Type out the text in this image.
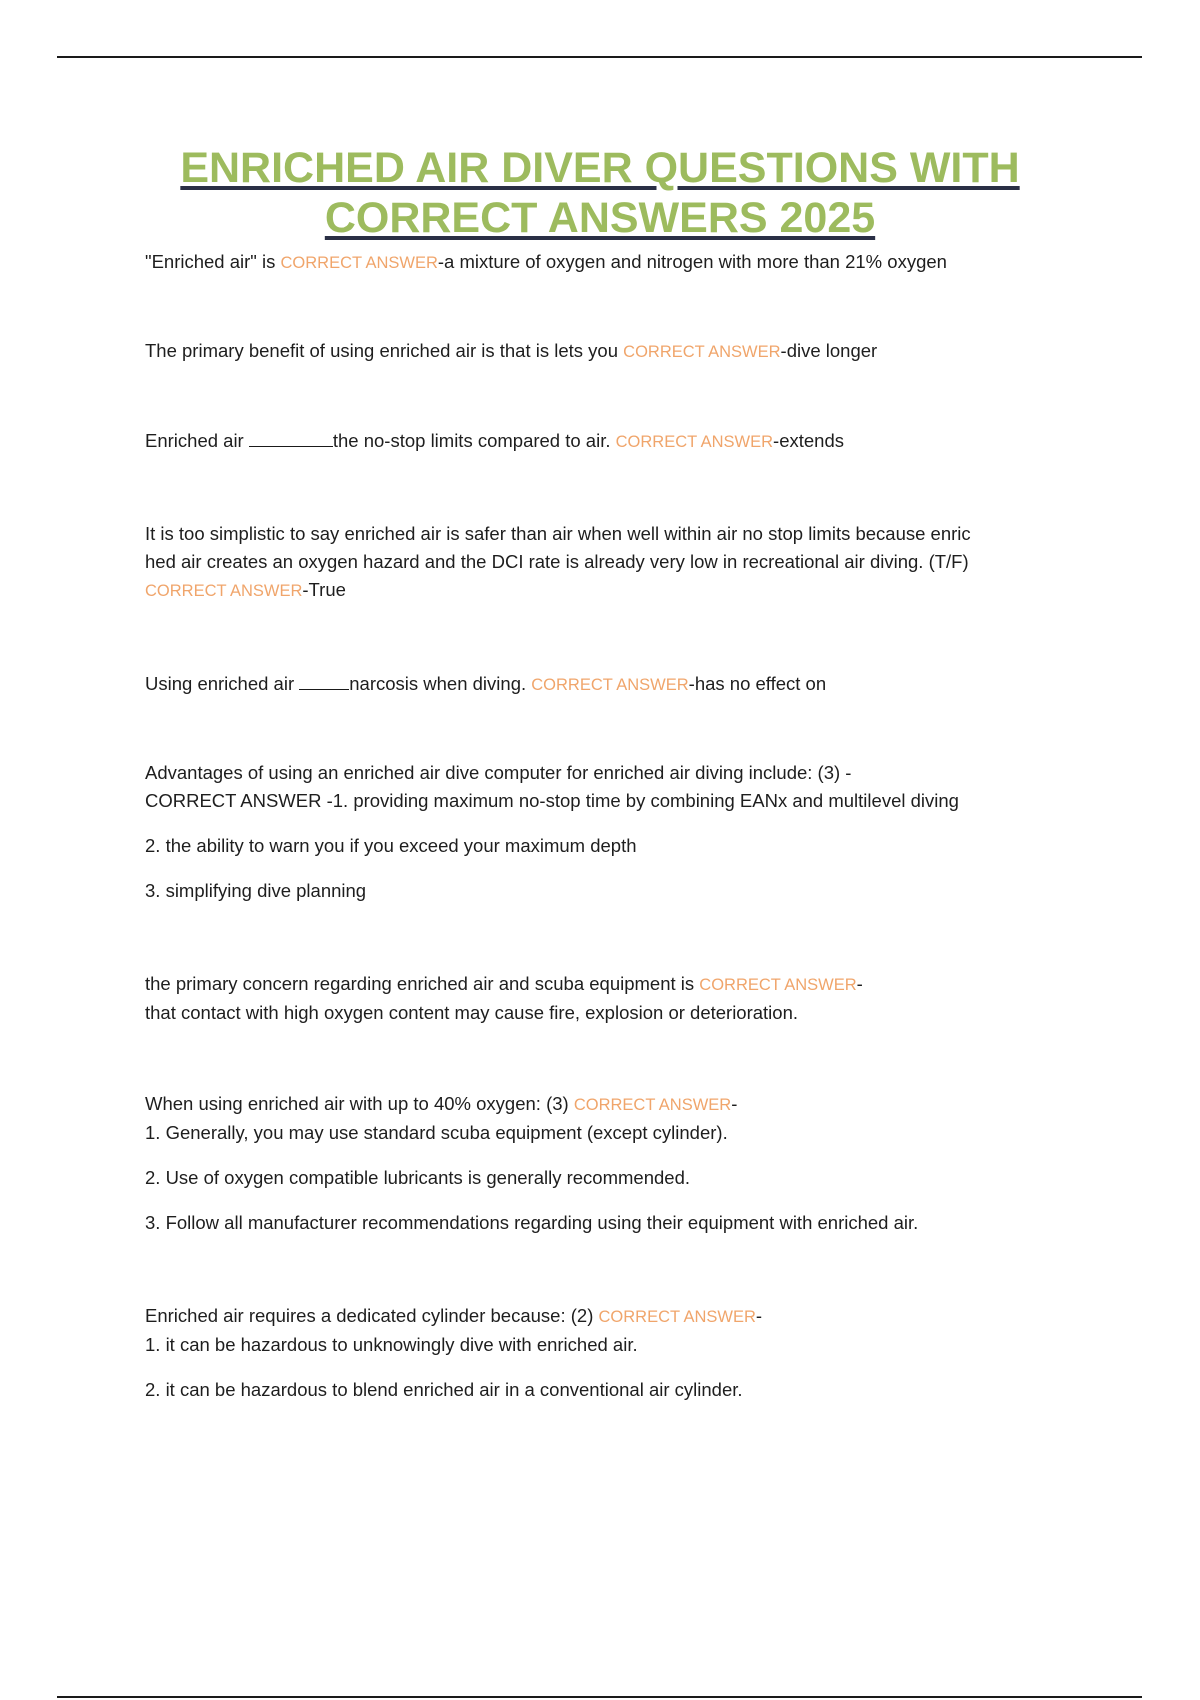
ENRICHED AIR DIVER QUESTIONS WITH
CORRECT ANSWERS 2025

"Enriched air" is CORRECT ANSWER-a mixture of oxygen and nitrogen with more than 21% oxygen

The primary benefit of using enriched air is that is lets you CORRECT ANSWER-dive longer

Enriched air	the no-stop limits compared to air. CORRECT ANSWER-extends

It is too simplistic to say enriched air is safer than air when well within air no stop limits because enric

hed air creates an oxygen hazard and the DCI rate is already very low in recreational air diving. (T/F)

CORRECT ANSWER-True

Using enriched air	narcosis when diving. CORRECT ANSWER-has no effect on

Advantages of using an enriched air dive computer for enriched air diving include: (3) -

CORRECT ANSWER -1. providing maximum no-stop time by combining EANx and multilevel diving

2. the ability to warn you if you exceed your maximum depth

3. simplifying dive planning

the primary concern regarding enriched air and scuba equipment is CORRECT ANSWER-

that contact with high oxygen content may cause fire, explosion or deterioration.

When using enriched air with up to 40% oxygen: (3) CORRECT ANSWER-

1. Generally, you may use standard scuba equipment (except cylinder).

2. Use of oxygen compatible lubricants is generally recommended.

3. Follow all manufacturer recommendations regarding using their equipment with enriched air.

Enriched air requires a dedicated cylinder because: (2) CORRECT ANSWER-

1. it can be hazardous to unknowingly dive with enriched air.

2. it can be hazardous to blend enriched air in a conventional air cylinder.
